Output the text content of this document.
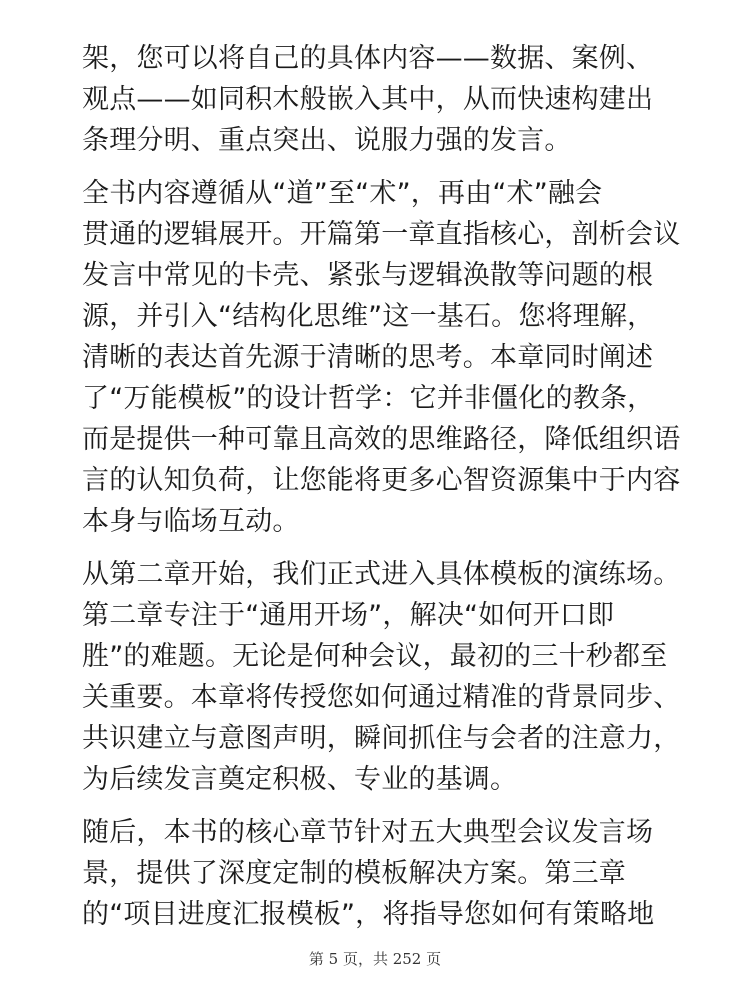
架，您可以将自己的具体内容——数据、案例、
观点——如同积木般嵌入其中，从而快速构建出
条理分明、重点突出、说服力强的发言。

全书内容遵循从“道”至“术”，再由“术”融会
贯通的逻辑展开。开篇第一章直指核心，剖析会议
发言中常见的卡壳、紧张与逻辑涣散等问题的根
源，并引入“结构化思维”这一基石。您将理解，
清晰的表达首先源于清晰的思考。本章同时阐述
了“万能模板”的设计哲学：它并非僵化的教条，
而是提供一种可靠且高效的思维路径，降低组织语
言的认知负荷，让您能将更多心智资源集中于内容
本身与临场互动。

从第二章开始，我们正式进入具体模板的演练场。
第二章专注于“通用开场”，解决“如何开口即
胜”的难题。无论是何种会议，最初的三十秒都至
关重要。本章将传授您如何通过精准的背景同步、
共识建立与意图声明，瞬间抓住与会者的注意力，
为后续发言奠定积极、专业的基调。

随后，本书的核心章节针对五大典型会议发言场
景，提供了深度定制的模板解决方案。第三章
的“项目进度汇报模板”，将指导您如何有策略地

第 5 页，共 252 页
